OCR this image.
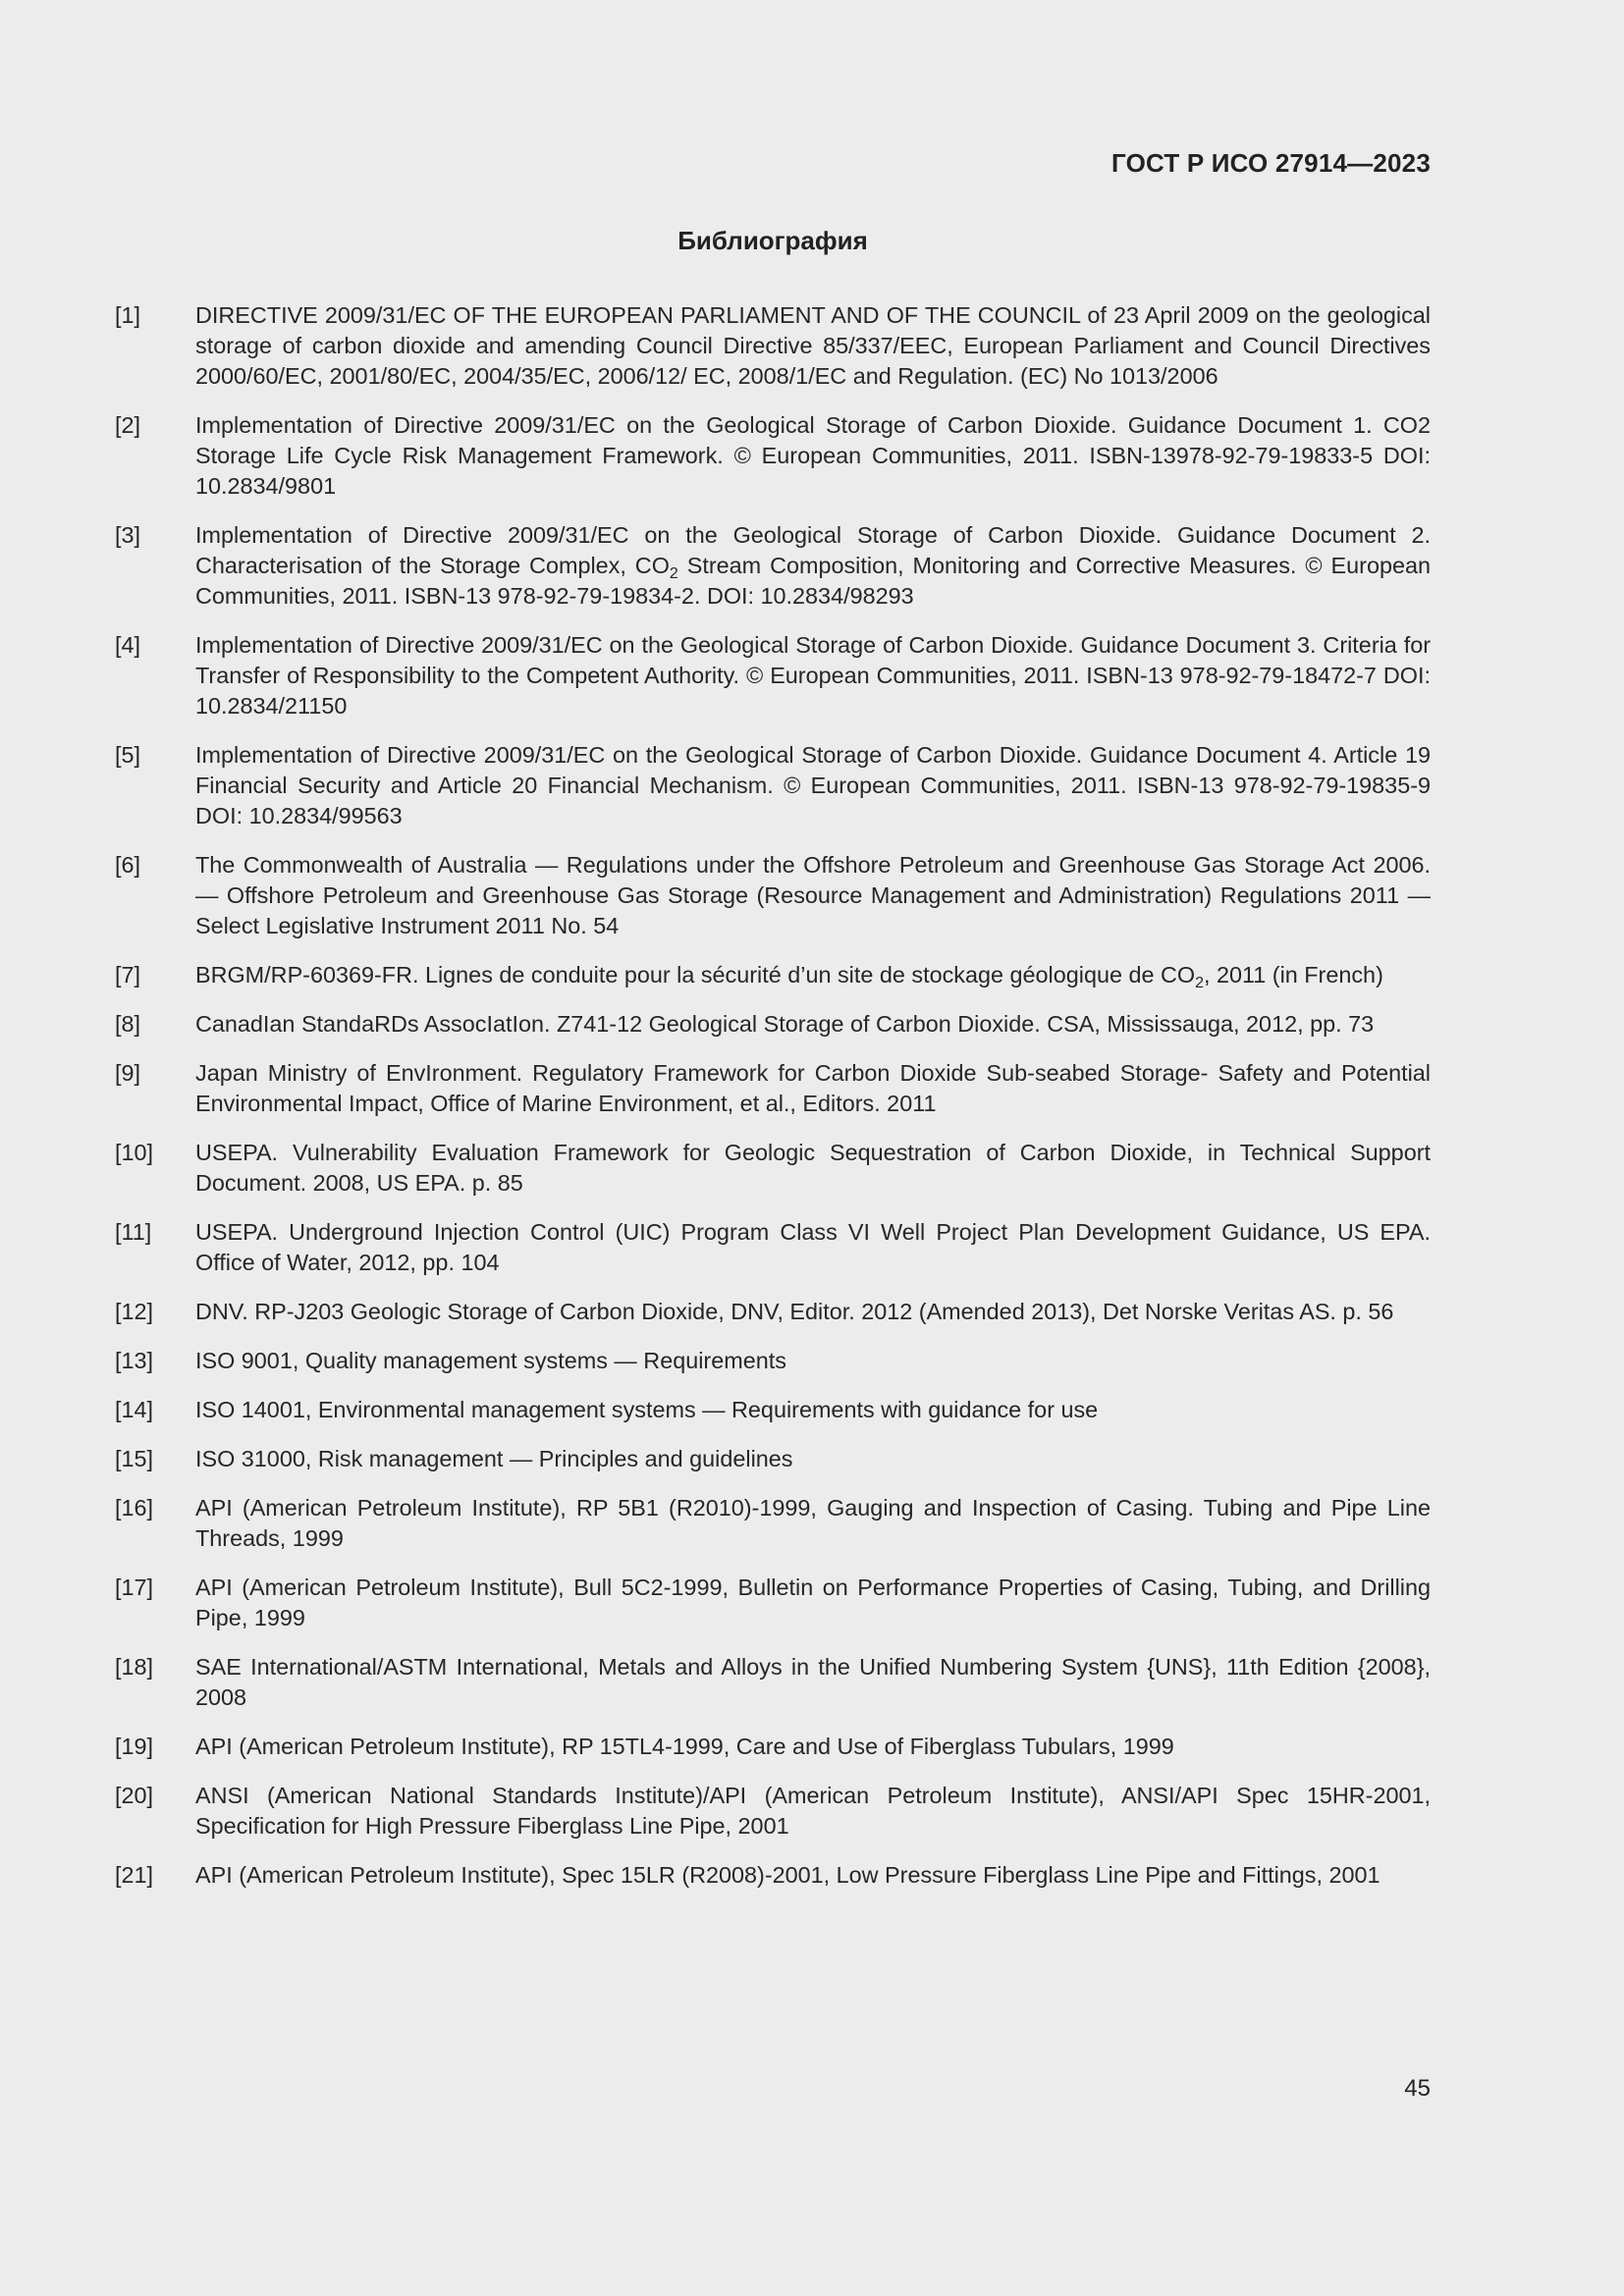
ГОСТ Р ИСО 27914—2023
Библиография
[1]	DIRECTIVE 2009/31/EC OF THE EUROPEAN PARLIAMENT AND OF THE COUNCIL of 23 April 2009 on the geological storage of carbon dioxide and amending Council Directive 85/337/EEC, European Parliament and Council Directives 2000/60/EC, 2001/80/EC, 2004/35/EC, 2006/12/ EC, 2008/1/EC and Regulation. (EC) No 1013/2006
[2]	Implementation of Directive 2009/31/EC on the Geological Storage of Carbon Dioxide. Guidance Document 1. CO2 Storage Life Cycle Risk Management Framework. © European Communities, 2011. ISBN-13978-92-79-19833-5 DOI: 10.2834/9801
[3]	Implementation of Directive 2009/31/EC on the Geological Storage of Carbon Dioxide. Guidance Document 2. Characterisation of the Storage Complex, $CO_2$ Stream Composition, Monitoring and Corrective Measures. © European Communities, 2011. ISBN-13 978-92-79-19834-2. DOI: 10.2834/98293
[4]	Implementation of Directive 2009/31/EC on the Geological Storage of Carbon Dioxide. Guidance Document 3. Criteria for Transfer of Responsibility to the Competent Authority. © European Communities, 2011. ISBN-13 978-92-79-18472-7 DOI: 10.2834/21150
[5]	Implementation of Directive 2009/31/EC on the Geological Storage of Carbon Dioxide. Guidance Document 4. Article 19 Financial Security and Article 20 Financial Mechanism. © European Communities, 2011. ISBN-13 978-92-79-19835-9 DOI: 10.2834/99563
[6]	The Commonwealth of Australia — Regulations under the Offshore Petroleum and Greenhouse Gas Storage Act 2006. — Offshore Petroleum and Greenhouse Gas Storage (Resource Management and Administration) Regulations 2011 — Select Legislative Instrument 2011 No. 54
[7]	BRGM/RP-60369-FR. Lignes de conduite pour la sécurité d’un site de stockage géologique de $CO_2$, 2011 (in French)
[8]	CanadIan StandaRDs AssocIatIon. Z741-12 Geological Storage of Carbon Dioxide. CSA, Mississauga, 2012, pp. 73
[9]	Japan Ministry of EnvIronment. Regulatory Framework for Carbon Dioxide Sub-seabed Storage- Safety and Potential Environmental Impact, Office of Marine Environment, et al., Editors. 2011
[10]	USEPA. Vulnerability Evaluation Framework for Geologic Sequestration of Carbon Dioxide, in Technical Support Document. 2008, US EPA. p. 85
[11]	USEPA. Underground Injection Control (UIC) Program Class VI Well Project Plan Development Guidance, US EPA. Office of Water, 2012, pp. 104
[12]	DNV. RP-J203 Geologic Storage of Carbon Dioxide, DNV, Editor. 2012 (Amended 2013), Det Norske Veritas AS. p. 56
[13]	ISO 9001, Quality management systems — Requirements
[14]	ISO 14001, Environmental management systems — Requirements with guidance for use
[15]	ISO 31000, Risk management — Principles and guidelines
[16]	API (American Petroleum Institute), RP 5B1 (R2010)-1999, Gauging and Inspection of Casing. Tubing and Pipe Line Threads, 1999
[17]	API (American Petroleum Institute), Bull 5C2-1999, Bulletin on Performance Properties of Casing, Tubing, and Drilling Pipe, 1999
[18]	SAE International/ASTM International, Metals and Alloys in the Unified Numbering System {UNS}, 11th Edition {2008}, 2008
[19]	API (American Petroleum Institute), RP 15TL4-1999, Care and Use of Fiberglass Tubulars, 1999
[20]	ANSI (American National Standards Institute)/API (American Petroleum Institute), ANSI/API Spec 15HR-2001, Specification for High Pressure Fiberglass Line Pipe, 2001
[21]	API (American Petroleum Institute), Spec 15LR (R2008)-2001, Low Pressure Fiberglass Line Pipe and Fittings, 2001
45
